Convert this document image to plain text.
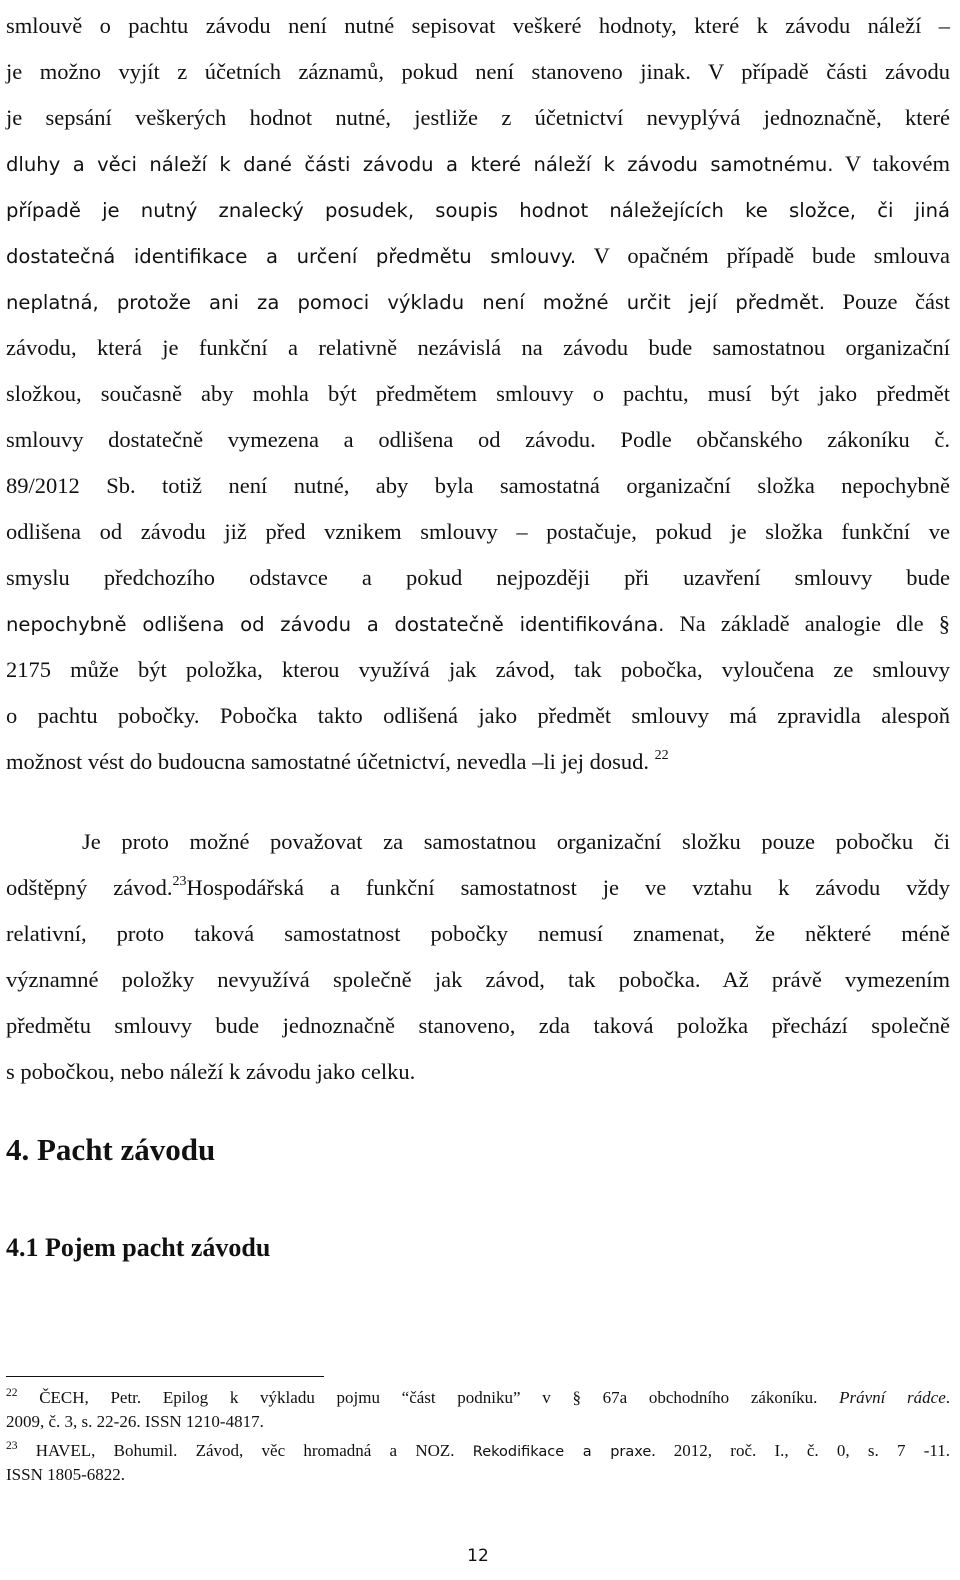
smlouvě o pachtu závodu není nutné sepisovat veškeré hodnoty, které k závodu náleží –
je možno vyjít z účetních záznamů, pokud není stanoveno jinak. V případě části závodu
je sepsání veškerých hodnot nutné, jestliže z účetnictví nevyplývá jednoznačně, které
dluhy a věci náleží k dané části závodu a které náleží k závodu samotnému. V takovém
případě je nutný znalecký posudek, soupis hodnot náležejících ke složce, či jiná
dostatečná identifikace a určení předmětu smlouvy. V opačném případě bude smlouva
neplatná, protože ani za pomoci výkladu není možné určit její předmět. Pouze část
závodu, která je funkční a relativně nezávislá na závodu bude samostatnou organizační
složkou, současně aby mohla být předmětem smlouvy o pachtu, musí být jako předmět
smlouvy dostatečně vymezena a odlišena od závodu. Podle občanského zákoníku č.
89/2012 Sb. totiž není nutné, aby byla samostatná organizační složka nepochybně
odlišena od závodu již před vznikem smlouvy – postačuje, pokud je složka funkční ve
smyslu předchozího odstavce a pokud nejpozději při uzavření smlouvy bude
nepochybně odlišena od závodu a dostatečně identifikována. Na základě analogie dle §
2175 může být položka, kterou využívá jak závod, tak pobočka, vyloučena ze smlouvy
o pachtu pobočky. Pobočka takto odlišená jako předmět smlouvy má zpravidla alespoň
možnost vést do budoucna samostatné účetnictví, nevedla –li jej dosud. $^{22}$
Je proto možné považovat za samostatnou organizační složku pouze pobočku či
odštěpný závod.$^{23}$Hospodářská a funkční samostatnost je ve vztahu k závodu vždy
relativní, proto taková samostatnost pobočky nemusí znamenat, že některé méně
významné položky nevyužívá společně jak závod, tak pobočka. Až právě vymezením
předmětu smlouvy bude jednoznačně stanoveno, zda taková položka přechází společně
s pobočkou, nebo náleží k závodu jako celku.
4. Pacht závodu
4.1 Pojem pacht závodu
$^{22}$ ČECH, Petr. Epilog k výkladu pojmu “část podniku” v § 67a obchodního zákoníku. Právní rádce.
2009, č. 3, s. 22-26. ISSN 1210-4817.
$^{23}$ HAVEL, Bohumil. Závod, věc hromadná a NOZ. Rekodifikace a praxe. 2012, roč. I., č. 0, s. 7 -11.
ISSN 1805-6822.
12
